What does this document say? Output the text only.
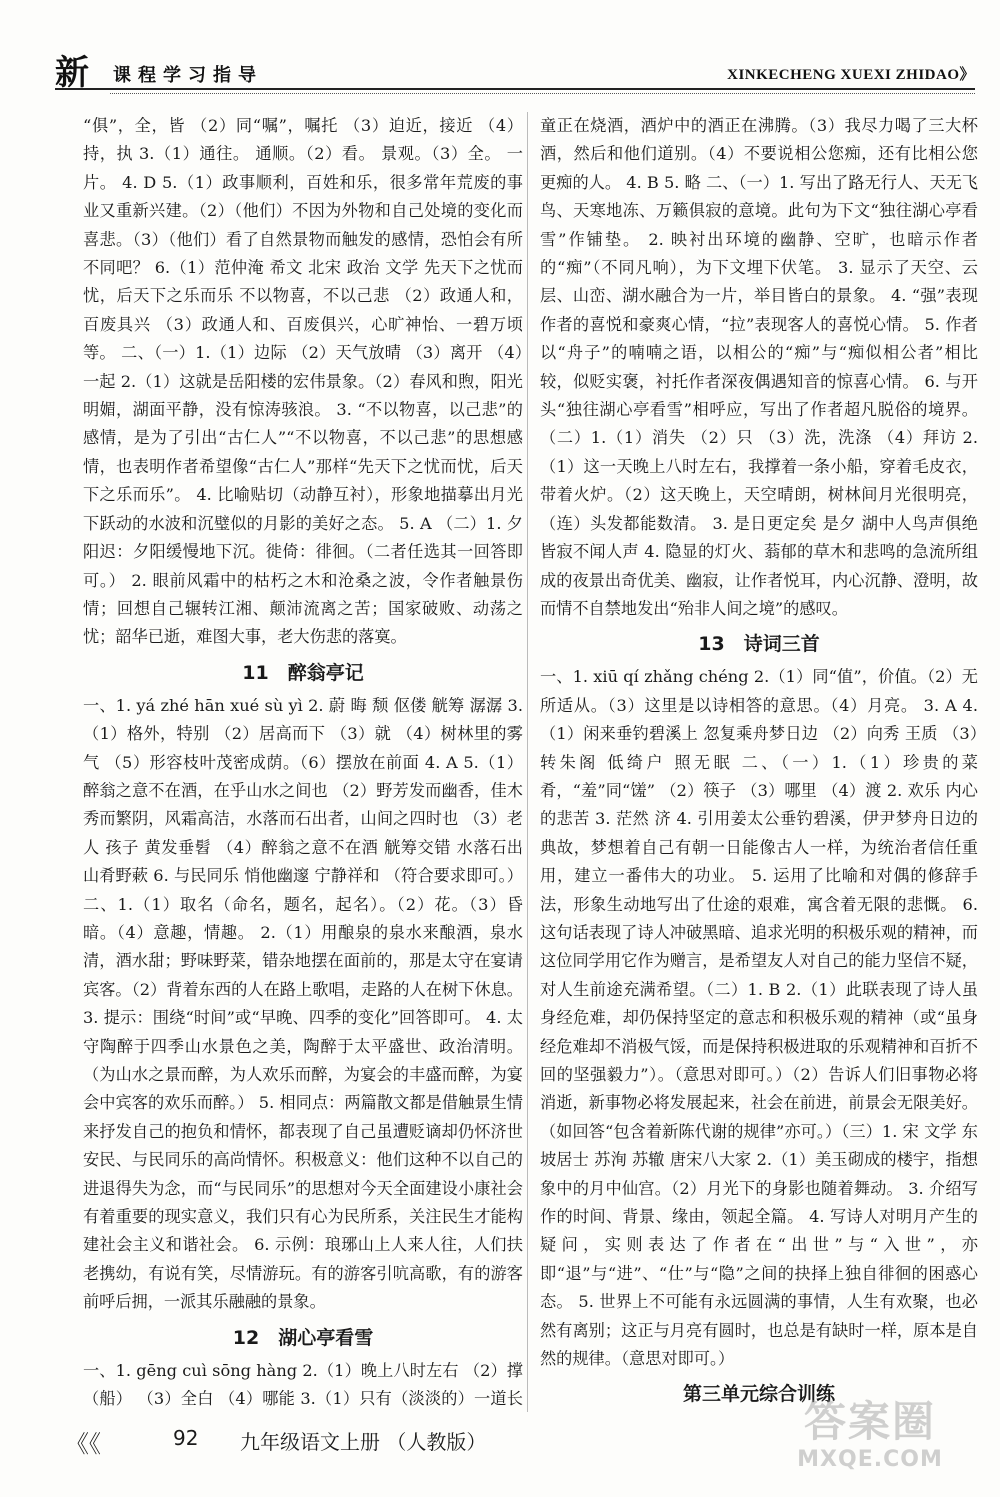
新 课程学习指导	XINKECHENG XUEXI ZHIDAO》

“俱”，全，皆 （2）同“嘱”，嘱托 （3）迫近，接近 （4）持，执 3.（1）通往。 通顺。（2）看。 景观。（3）全。 一片。 4. D 5.（1）政事顺利，百姓和乐，很多常年荒废的事业又重新兴建。（2）（他们）不因为外物和自己处境的变化而喜悲。（3）（他们）看了自然景物而触发的感情，恐怕会有所不同吧？ 6.（1）范仲淹 希文 北宋 政治 文学 先天下之忧而忧，后天下之乐而乐 不以物喜，不以己悲 （2）政通人和，百废具兴 （3）政通人和、百废俱兴，心旷神怡、一碧万顷等。 二、（一）1.（1）边际 （2）天气放晴 （3）离开 （4）一起 2.（1）这就是岳阳楼的宏伟景象。（2）春风和煦，阳光明媚，湖面平静，没有惊涛骇浪。 3. “不以物喜，以己悲”的感情，是为了引出“古仁人”“不以物喜，不以己悲”的思想感情，也表明作者希望像“古仁人”那样“先天下之忧而忧，后天下之乐而乐”。 4. 比喻贴切（动静互衬），形象地描摹出月光下跃动的水波和沉璧似的月影的美好之态。 5. A （二）1. 夕阳迟：夕阳缓慢地下沉。徙倚：徘徊。（二者任选其一回答即可。） 2. 眼前风霜中的枯朽之木和沧桑之波，令作者触景伤情；回想自己辗转江湘、颠沛流离之苦；国家破败、动荡之忧；韶华已逝，难图大事，老大伤悲的落寞。

11　醉翁亭记

一、1. yá zhé hān xué sù yì 2. 蔚 晦 颓 伛偻 觥筹 潺潺 3.（1）格外，特别 （2）居高而下 （3）就 （4）树林里的雾气 （5）形容枝叶茂密成荫。（6）摆放在前面 4. A 5.（1）醉翁之意不在酒，在乎山水之间也 （2）野芳发而幽香，佳木秀而繁阴，风霜高洁，水落而石出者，山间之四时也 （3）老人 孩子 黄发垂髫 （4）醉翁之意不在酒 觥筹交错 水落石出 山肴野蔌 6. 与民同乐 悄他幽邃 宁静祥和 （符合要求即可。） 二、1.（1）取名（命名，题名，起名）。（2）花。（3）昏暗。（4）意趣，情趣。 2.（1）用酿泉的泉水来酿酒，泉水清，酒水甜；野味野菜，错杂地摆在面前的，那是太守在宴请宾客。（2）背着东西的人在路上歌唱，走路的人在树下休息。 3. 提示：围绕“时间”或“早晚、四季的变化”回答即可。 4. 太守陶醉于四季山水景色之美，陶醉于太平盛世、政治清明。（为山水之景而醉，为人欢乐而醉，为宴会的丰盛而醉，为宴会中宾客的欢乐而醉。） 5. 相同点：两篇散文都是借触景生情来抒发自己的抱负和情怀，都表现了自己虽遭贬谪却仍怀济世安民、与民同乐的高尚情怀。积极意义：他们这种不以自己的进退得失为念，而“与民同乐”的思想对今天全面建设小康社会有着重要的现实意义，我们只有心为民所系，关注民生才能构建社会主义和谐社会。 6. 示例：琅琊山上人来人往，人们扶老携幼，有说有笑，尽情游玩。有的游客引吭高歌，有的游客前呼后拥，一派其乐融融的景象。

12　湖心亭看雪

一、1. gēng cuì sōng hàng 2.（1）晚上八时左右 （2）撑（船） （3）全白 （4）哪能 3.（1）只有（淡淡的）一道长

童正在烧酒，酒炉中的酒正在沸腾。（3）我尽力喝了三大杯酒，然后和他们道别。（4）不要说相公您痴，还有比相公您更痴的人。 4. B 5. 略 二、（一）1. 写出了路无行人、天无飞鸟、天寒地冻、万籁俱寂的意境。此句为下文“独往湖心亭看雪”作铺垫。 2. 映衬出环境的幽静、空旷，也暗示作者的“痴”（不同凡响），为下文埋下伏笔。 3. 显示了天空、云层、山峦、湖水融合为一片，举目皆白的景象。 4. “强”表现作者的喜悦和豪爽心情，“拉”表现客人的喜悦心情。 5. 作者以“舟子”的喃喃之语，以相公的“痴”与“痴似相公者”相比较，似贬实褒，衬托作者深夜偶遇知音的惊喜心情。 6. 与开头“独往湖心亭看雪”相呼应，写出了作者超凡脱俗的境界。（二）1.（1）消失 （2）只 （3）洗，洗涤 （4）拜访 2.（1）这一天晚上八时左右，我撑着一条小船，穿着毛皮衣，带着火炉。（2）这天晚上，天空晴朗，树林间月光很明亮，（连）头发都能数清。 3. 是日更定矣 是夕 湖中人鸟声俱绝 皆寂不闻人声 4. 隐显的灯火、蓊郁的草木和悲鸣的急流所组成的夜景出奇优美、幽寂，让作者悦耳，内心沉静、澄明，故而情不自禁地发出“殆非人间之境”的感叹。

13　诗词三首

一、1. xiū qí zhǎng chéng 2.（1）同“值”，价值。（2）无所适从。（3）这里是以诗相答的意思。（4）月亮。 3. A 4.（1）闲来垂钓碧溪上 忽复乘舟梦日边 （2）向秀 王质 （3）转朱阁 低绮户 照无眠 二、（一）1.（1）珍贵的菜肴，“羞”同“馐” （2）筷子 （3）哪里 （4）渡 2. 欢乐 内心的悲苦 3. 茫然 济 4. 引用姜太公垂钓碧溪，伊尹梦舟日边的典故，梦想着自己有朝一日能像古人一样，为统治者信任重用，建立一番伟大的功业。 5. 运用了比喻和对偶的修辞手法，形象生动地写出了仕途的艰难，寓含着无限的悲慨。 6. 这句话表现了诗人冲破黑暗、追求光明的积极乐观的精神，而这位同学用它作为赠言，是希望友人对自己的能力坚信不疑，对人生前途充满希望。（二）1. B 2.（1）此联表现了诗人虽身经危难，却仍保持坚定的意志和积极乐观的精神（或“虽身经危难却不消极气馁，而是保持积极进取的乐观精神和百折不回的坚强毅力”）。（意思对即可。）（2）告诉人们旧事物必将消逝，新事物必将发展起来，社会在前进，前景会无限美好。（如回答“包含着新陈代谢的规律”亦可。）（三）1. 宋 文学 东坡居士 苏洵 苏辙 唐宋八大家 2.（1）美玉砌成的楼宇，指想象中的月中仙宫。（2）月光下的身影也随着舞动。 3. 介绍写作的时间、背景、缘由，领起全篇。 4. 写诗人对明月产生的疑问，实则表达了作者在“出世”与“入世”，亦即“退”与“进”、“仕”与“隐”之间的抉择上独自徘徊的困惑心态。 5. 世界上不可能有永远圆满的事情，人生有欢聚，也必然有离别；这正与月亮有圆时，也总是有缺时一样，原本是自然的规律。（意思对即可。）

第三单元综合训练

《《	92 九年级语文上册 （人教版）	答案圈
MXQE.COM
